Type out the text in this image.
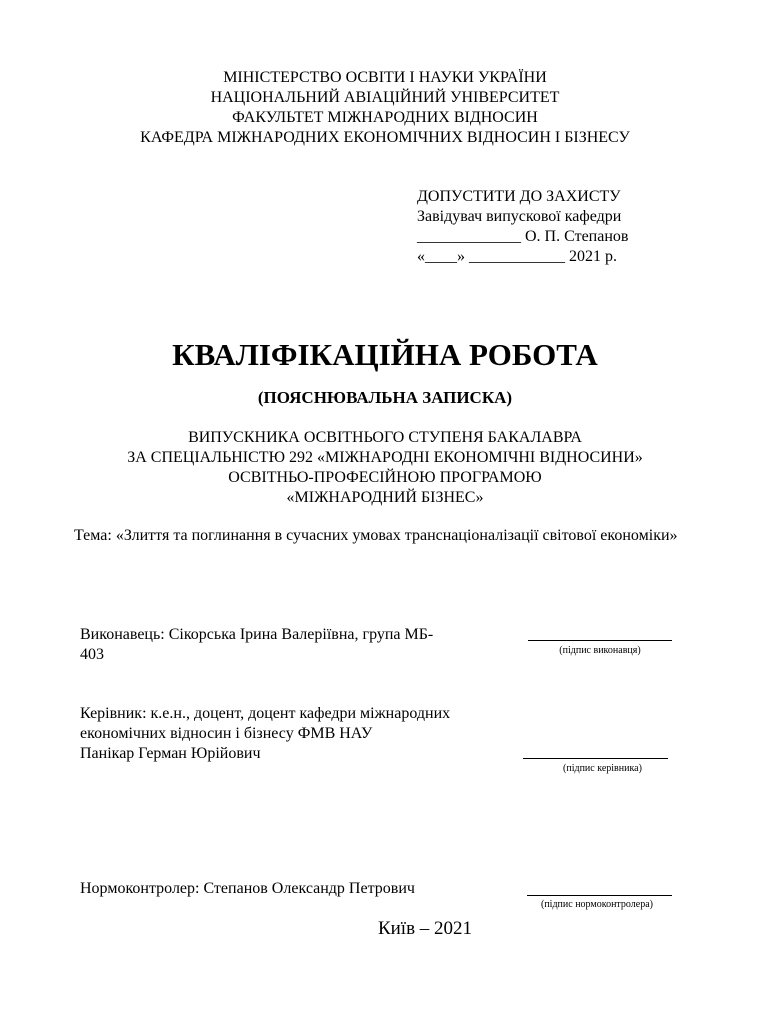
МІНІСТЕРСТВО ОСВІТИ І НАУКИ УКРАЇНИ
НАЦІОНАЛЬНИЙ АВІАЦІЙНИЙ УНІВЕРСИТЕТ
ФАКУЛЬТЕТ МІЖНАРОДНИХ ВІДНОСИН
КАФЕДРА МІЖНАРОДНИХ ЕКОНОМІЧНИХ ВІДНОСИН І БІЗНЕСУ
ДОПУСТИТИ ДО ЗАХИСТУ
Завідувач випускової кафедри
_____________ О. П. Степанов
«____» ____________ 2021 р.
КВАЛІФІКАЦІЙНА РОБОТА
(ПОЯСНЮВАЛЬНА ЗАПИСКА)
ВИПУСКНИКА ОСВІТНЬОГО СТУПЕНЯ БАКАЛАВРА
ЗА СПЕЦІАЛЬНІСТЮ 292 «МІЖНАРОДНІ ЕКОНОМІЧНІ ВІДНОСИНИ»
ОСВІТНЬО-ПРОФЕСІЙНОЮ ПРОГРАМОЮ
«МІЖНАРОДНИЙ БІЗНЕС»
Тема: «Злиття та поглинання в сучасних умовах транснаціоналізації світової економіки»
Виконавець: Сікорська Ірина Валеріївна, група МБ-
403	(підпис виконавця)
Керівник: к.е.н., доцент, доцент кафедри міжнародних
економічних відносин і бізнесу ФМВ НАУ
Панікар Герман Юрійович
(підпис керівника)
Нормоконтролер: Степанов Олександр Петрович
(підпис нормоконтролера)
Київ – 2021
